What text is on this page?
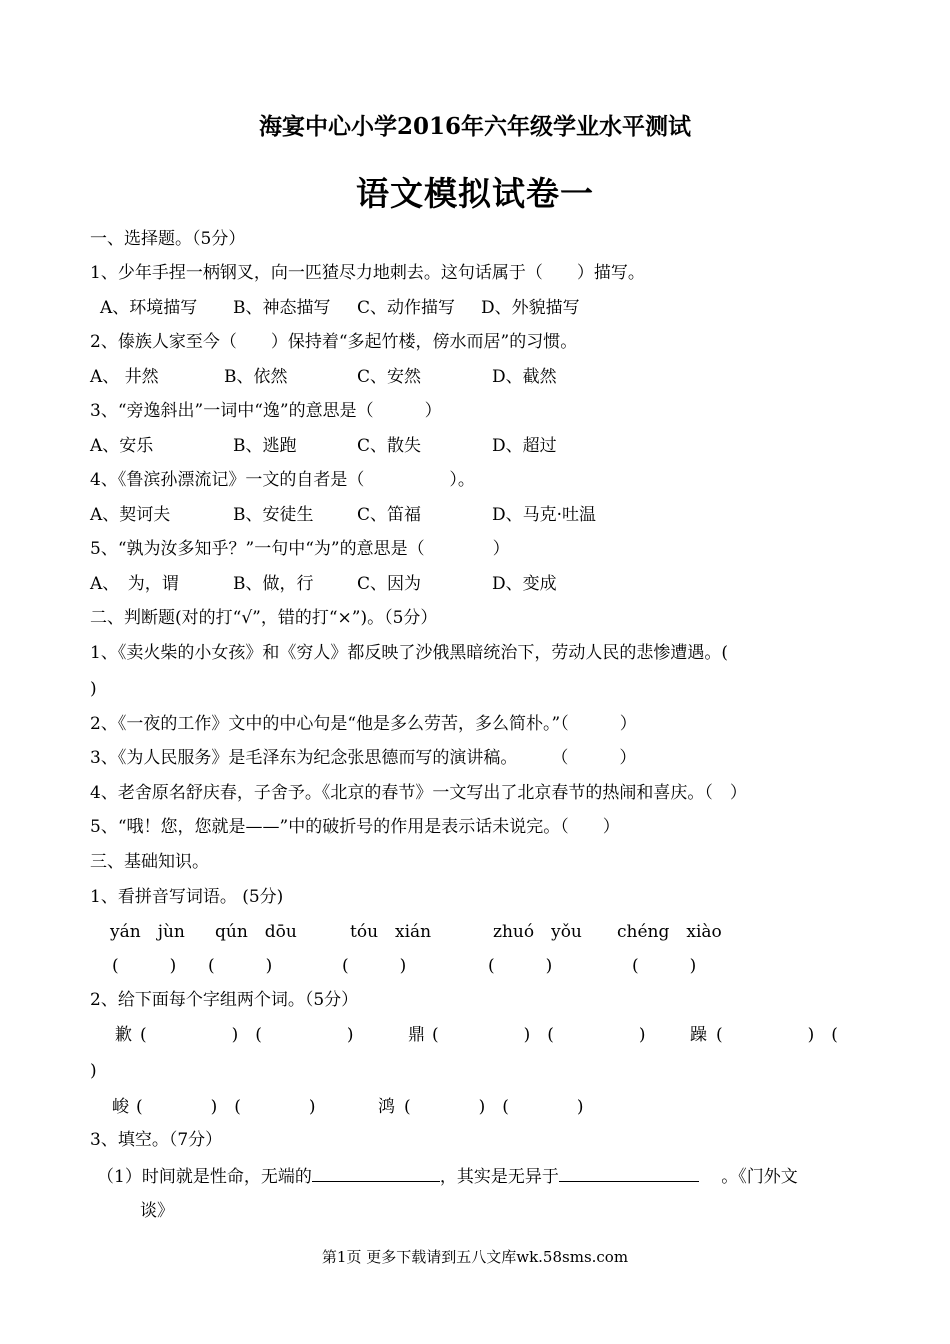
海宴中心小学2016年六年级学业水平测试
语文模拟试卷一
一、选择题。（5分）
1、少年手捏一柄钢叉，向一匹猹尽力地刺去。这句话属于（　　）描写。
A、环境描写 B、神态描写 C、动作描写 D、外貌描写
2、傣族人家至今（　　）保持着“多起竹楼，傍水而居”的习惯。
A、 井然	B、依然	C、安然	D、截然
3、“旁逸斜出”一词中“逸”的意思是（　　　）
A、安乐	B、逃跑	C、散失	D、超过
4、《鲁滨孙漂流记》一文的自者是（　　　　　）。
A、契诃夫	B、安徒生	C、笛福	D、马克·吐温
5、“孰为汝多知乎？”一句中“为”的意思是（　　　　）
A、　为，谓	B、做，行	C、因为	D、变成
二、判断题(对的打“√”，错的打“×”)。（5分）
1、《卖火柴的小女孩》和《穷人》都反映了沙俄黑暗统治下，劳动人民的悲惨遭遇。(
)
2、《一夜的工作》文中的中心句是“他是多么劳苦，多么简朴。”（　　　）
3、《为人民服务》是毛泽东为纪念张思德而写的演讲稿。　　　（　　　）
4、老舍原名舒庆春，子舍予。《北京的春节》一文写出了北京春节的热闹和喜庆。（　）
5、“哦！您，您就是——”中的破折号的作用是表示话未说完。（　　）
三、基础知识。
1、看拼音写词语。 (5分)
yán　jùn qún　dōu	tóu　xián	zhuó　yǒu chéng　xiào
(　　　) (　　　)	(　　　)	(　　　)	(　　　)
2、给下面每个字组两个词。（5分）
歉 (　　　　　)　(　　　　　)	鼎 (　　　　　)　(　　　　　)	躁 (　　　　　)　(
)
峻 (　　　　)　(　　　　)	鸿 (　　　　)　(　　　　)
3、填空。（7分）
（1）时间就是性命，无端的	，其实是无异于　	。《门外文
谈》
第1页 更多下载请到五八文库wk.58sms.com
